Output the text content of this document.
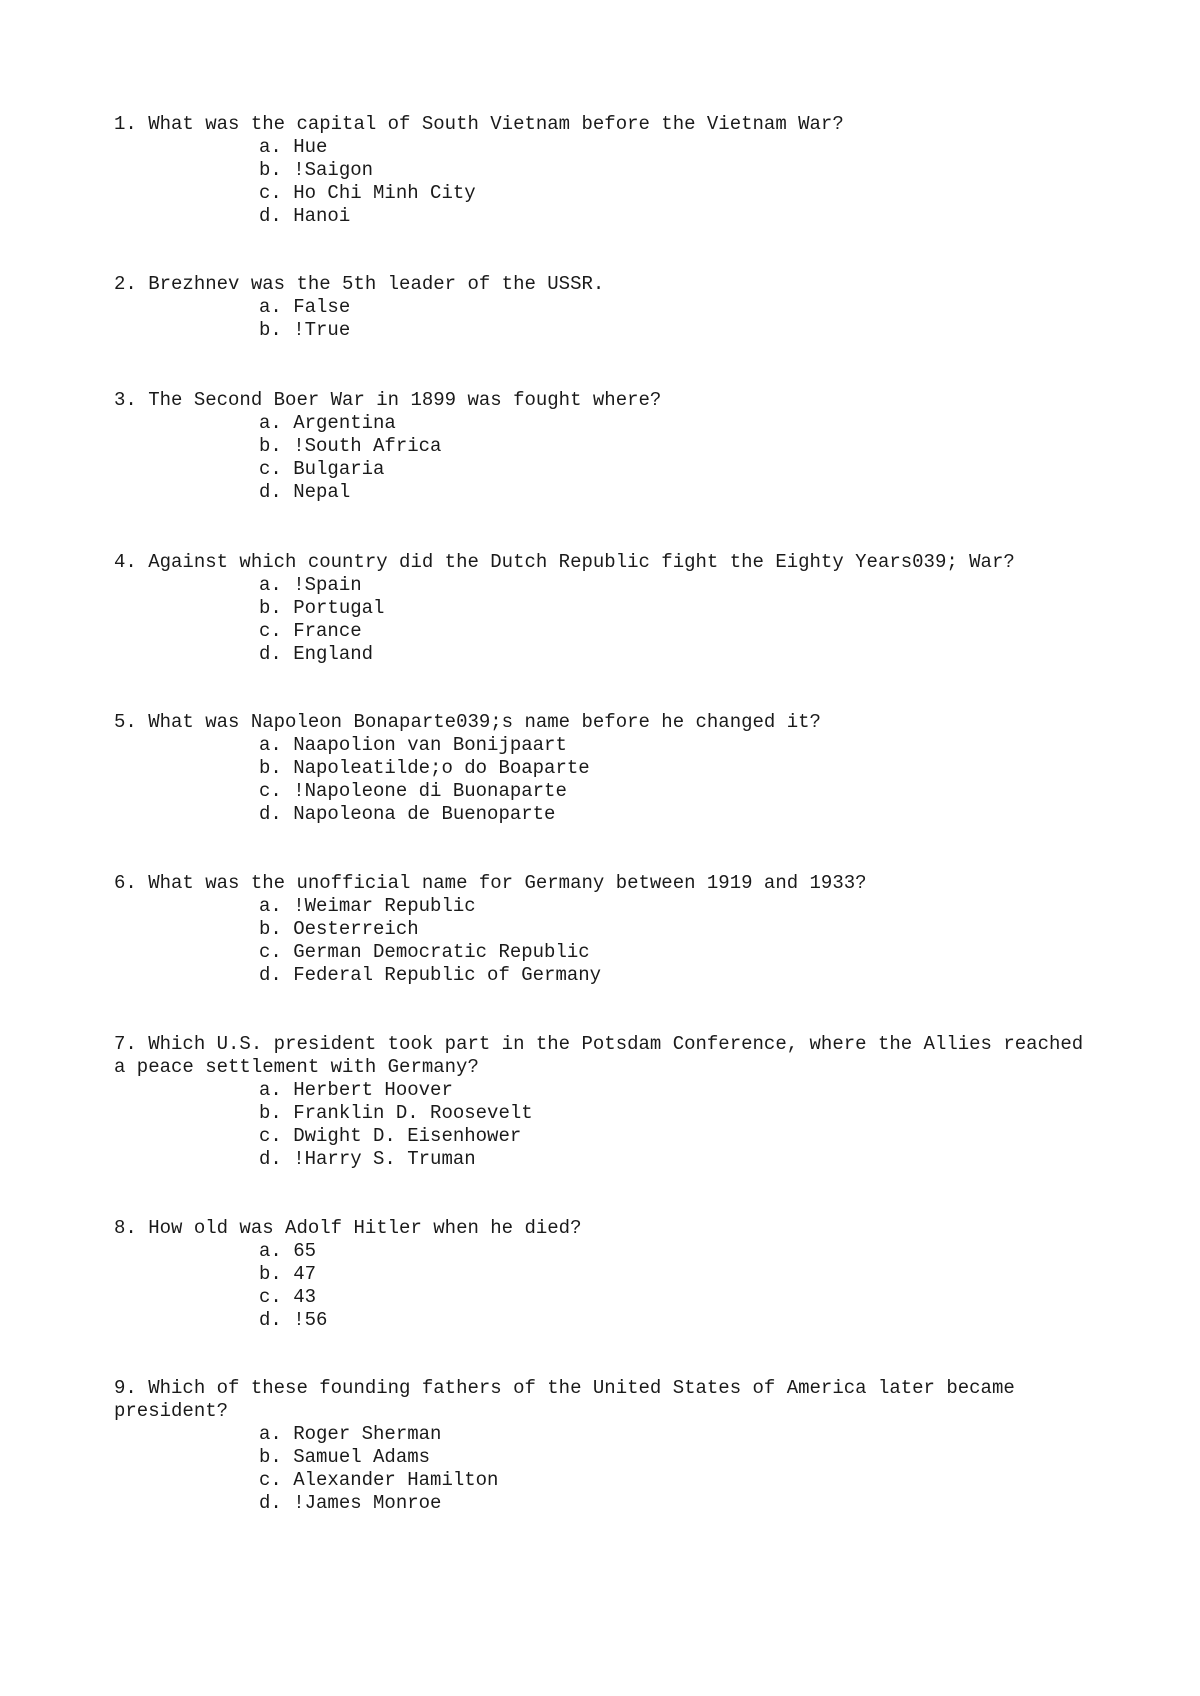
1. What was the capital of South Vietnam before the Vietnam War?
a. Hue
b. !Saigon
c. Ho Chi Minh City
d. Hanoi
2. Brezhnev was the 5th leader of the USSR.
a. False
b. !True
3. The Second Boer War in 1899 was fought where?
a. Argentina
b. !South Africa
c. Bulgaria
d. Nepal
4. Against which country did the Dutch Republic fight the Eighty Years039; War?
a. !Spain
b. Portugal
c. France
d. England
5. What was Napoleon Bonaparte039;s name before he changed it?
a. Naapolion van Bonijpaart
b. Napoleatilde;o do Boaparte
c. !Napoleone di Buonaparte
d. Napoleona de Buenoparte
6. What was the unofficial name for Germany between 1919 and 1933?
a. !Weimar Republic
b. Oesterreich
c. German Democratic Republic
d. Federal Republic of Germany
7. Which U.S. president took part in the Potsdam Conference, where the Allies reached a peace settlement with Germany?
a. Herbert Hoover
b. Franklin D. Roosevelt
c. Dwight D. Eisenhower
d. !Harry S. Truman
8. How old was Adolf Hitler when he died?
a. 65
b. 47
c. 43
d. !56
9. Which of these founding fathers of the United States of America later became president?
a. Roger Sherman
b. Samuel Adams
c. Alexander Hamilton
d. !James Monroe
